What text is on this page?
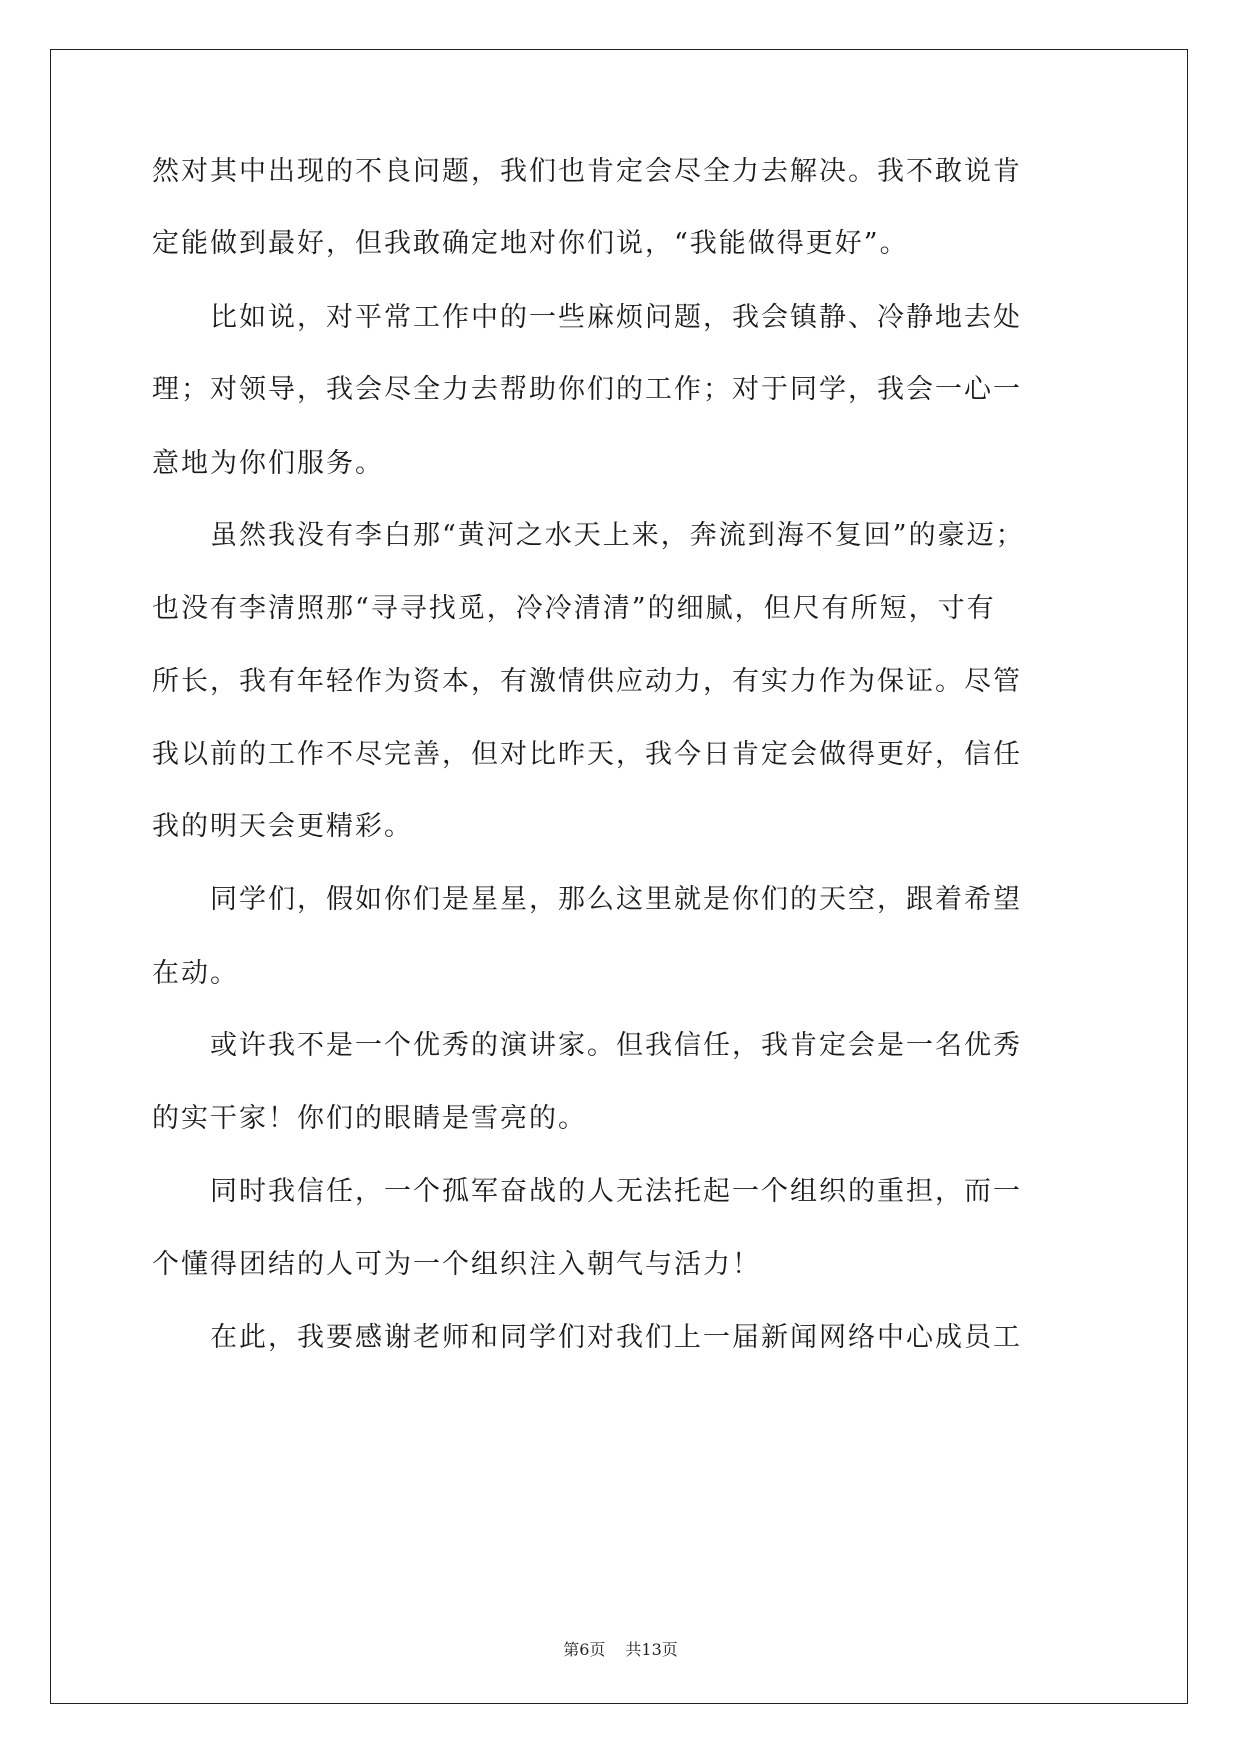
然对其中出现的不良问题，我们也肯定会尽全力去解决。我不敢说肯
定能做到最好，但我敢确定地对你们说，“我能做得更好”。
　　比如说，对平常工作中的一些麻烦问题，我会镇静、冷静地去处
理；对领导，我会尽全力去帮助你们的工作；对于同学，我会一心一
意地为你们服务。
　　虽然我没有李白那“黄河之水天上来，奔流到海不复回”的豪迈；
也没有李清照那“寻寻找觅，冷冷清清”的细腻，但尺有所短，寸有
所长，我有年轻作为资本，有激情供应动力，有实力作为保证。尽管
我以前的工作不尽完善，但对比昨天，我今日肯定会做得更好，信任
我的明天会更精彩。
　　同学们，假如你们是星星，那么这里就是你们的天空，跟着希望
在动。
　　或许我不是一个优秀的演讲家。但我信任，我肯定会是一名优秀
的实干家！你们的眼睛是雪亮的。
　　同时我信任，一个孤军奋战的人无法托起一个组织的重担，而一
个懂得团结的人可为一个组织注入朝气与活力！
　　在此，我要感谢老师和同学们对我们上一届新闻网络中心成员工
第6页 共13页
